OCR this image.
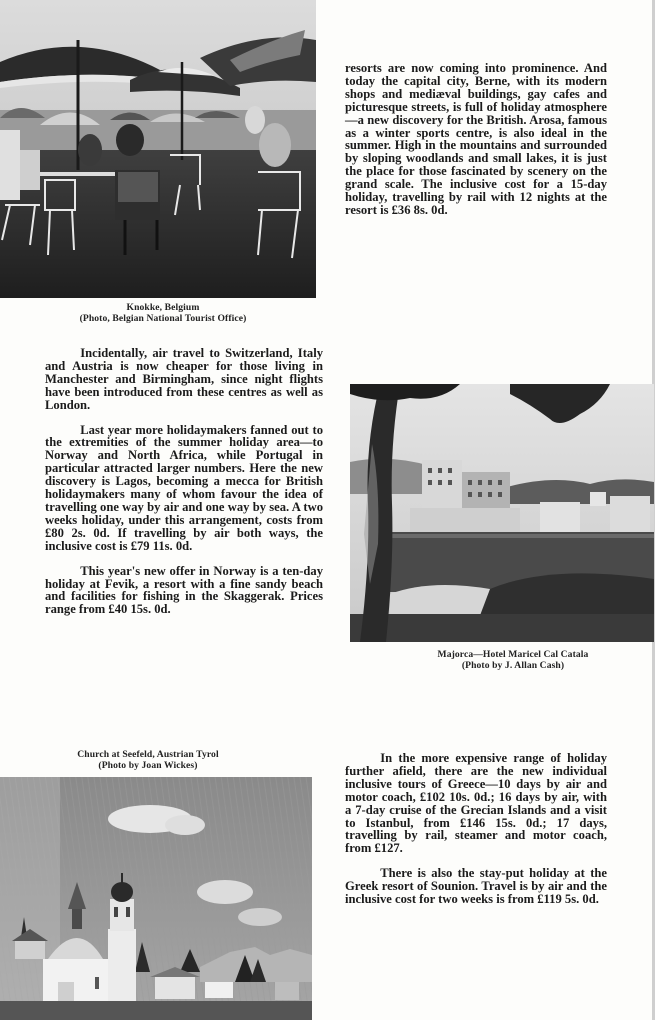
Knokke, Belgium
(Photo, Belgian National Tourist Office)

resorts are now coming into prominence. And today the capital city, Berne, with its modern shops and mediæval buildings, gay cafes and picturesque streets, is full of holiday atmosphere—a new discovery for the British. Arosa, famous as a winter sports centre, is also ideal in the summer. High in the mountains and surrounded by sloping woodlands and small lakes, it is just the place for those fascinated by scenery on the grand scale. The inclusive cost for a 15-day holiday, travelling by rail with 12 nights at the resort is £36 8s. 0d.

Incidentally, air travel to Switzerland, Italy and Austria is now cheaper for those living in Manchester and Birmingham, since night flights have been introduced from these centres as well as London.

Last year more holidaymakers fanned out to the extremities of the summer holiday area—to Norway and North Africa, while Portugal in particular attracted larger numbers. Here the new discovery is Lagos, becoming a mecca for British holidaymakers many of whom favour the idea of travelling one way by air and one way by sea. A two weeks holiday, under this arrangement, costs from £80 2s. 0d. If travelling by air both ways, the inclusive cost is £79 11s. 0d.

This year's new offer in Norway is a ten-day holiday at Fevik, a resort with a fine sandy beach and facilities for fishing in the Skaggerak. Prices range from £40 15s. 0d.

Majorca—Hotel Maricel Cal Catala
(Photo by J. Allan Cash)
Church at Seefeld, Austrian Tyrol
(Photo by Joan Wickes)	In the more expensive range of holiday further afield, there are the new individual inclusive tours of Greece—10 days by air and motor coach, £102 10s. 0d.; 16 days by air, with a 7-day cruise of the Grecian Islands and a visit to Istanbul, from £146 15s. 0d.; 17 days, travelling by rail, steamer and motor coach, from £127.

There is also the stay-put holiday at the Greek resort of Sounion. Travel is by air and the inclusive cost for two weeks is from £119 5s. 0d.
